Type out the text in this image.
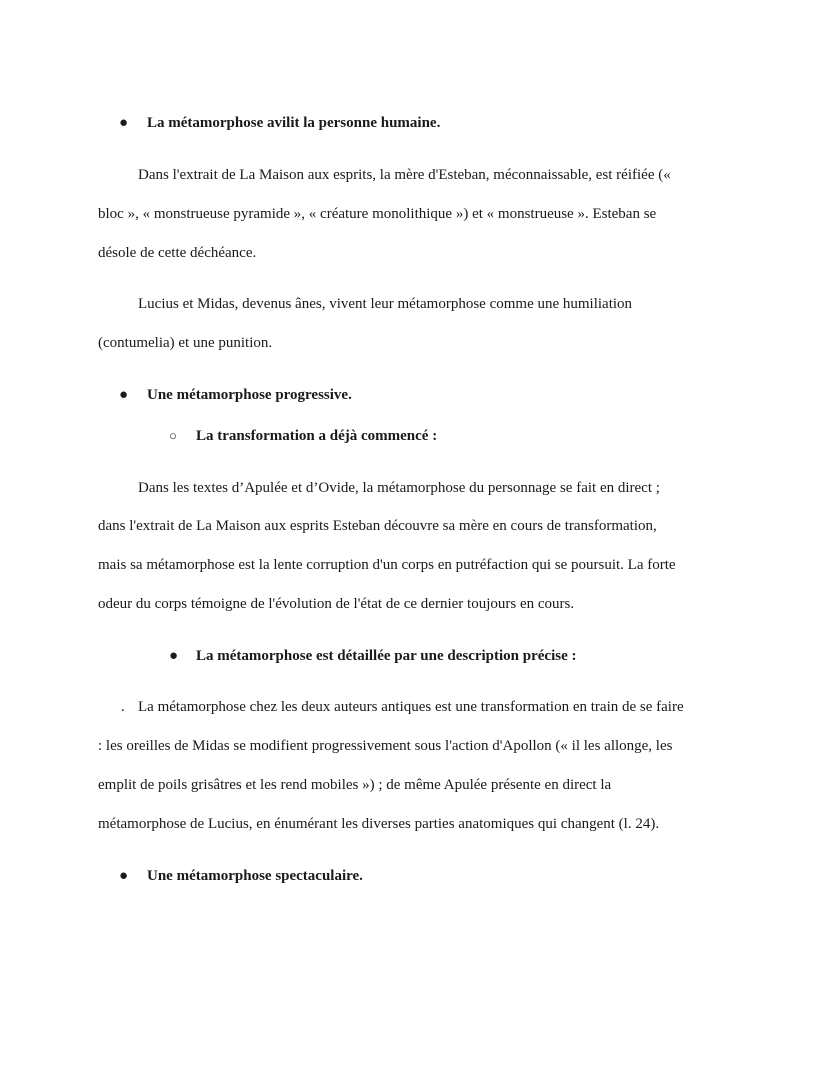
● La métamorphose avilit la personne humaine.
Dans l'extrait de La Maison aux esprits, la mère d'Esteban, méconnaissable, est réifiée («
bloc », « monstrueuse pyramide », « créature monolithique ») et « monstrueuse ». Esteban se
désole de cette déchéance.
Lucius et Midas, devenus ânes, vivent leur métamorphose comme une humiliation
(contumelia) et une punition.
● Une métamorphose progressive.
○ La transformation a déjà commencé :
Dans les textes d’Apulée et d’Ovide, la métamorphose du personnage se fait en direct ;
dans l'extrait de La Maison aux esprits Esteban découvre sa mère en cours de transformation,
mais sa métamorphose est la lente corruption d'un corps en putréfaction qui se poursuit. La forte
odeur du corps témoigne de l'évolution de l'état de ce dernier toujours en cours.
● La métamorphose est détaillée par une description précise :
. La métamorphose chez les deux auteurs antiques est une transformation en train de se faire
: les oreilles de Midas se modifient progressivement sous l'action d'Apollon (« il les allonge, les
emplit de poils grisâtres et les rend mobiles ») ; de même Apulée présente en direct la
métamorphose de Lucius, en énumérant les diverses parties anatomiques qui changent (l. 24).
● Une métamorphose spectaculaire.
